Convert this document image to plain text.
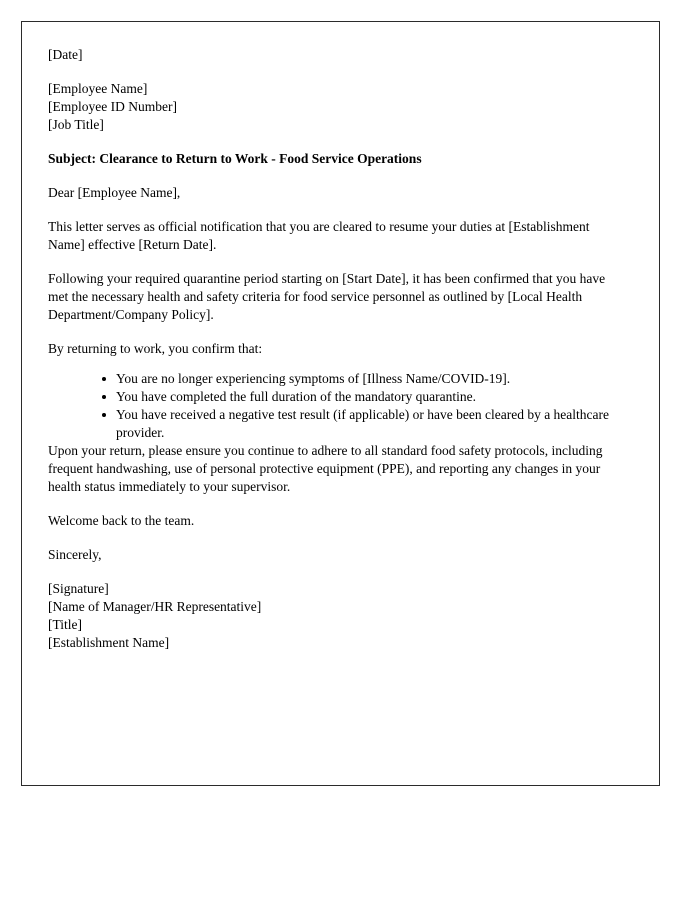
[Date]
[Employee Name]
[Employee ID Number]
[Job Title]
Subject: Clearance to Return to Work - Food Service Operations
Dear [Employee Name],
This letter serves as official notification that you are cleared to resume your duties at [Establishment Name] effective [Return Date].
Following your required quarantine period starting on [Start Date], it has been confirmed that you have met the necessary health and safety criteria for food service personnel as outlined by [Local Health Department/Company Policy].
By returning to work, you confirm that:
You are no longer experiencing symptoms of [Illness Name/COVID-19].
You have completed the full duration of the mandatory quarantine.
You have received a negative test result (if applicable) or have been cleared by a healthcare provider.
Upon your return, please ensure you continue to adhere to all standard food safety protocols, including frequent handwashing, use of personal protective equipment (PPE), and reporting any changes in your health status immediately to your supervisor.
Welcome back to the team.
Sincerely,
[Signature]
[Name of Manager/HR Representative]
[Title]
[Establishment Name]
